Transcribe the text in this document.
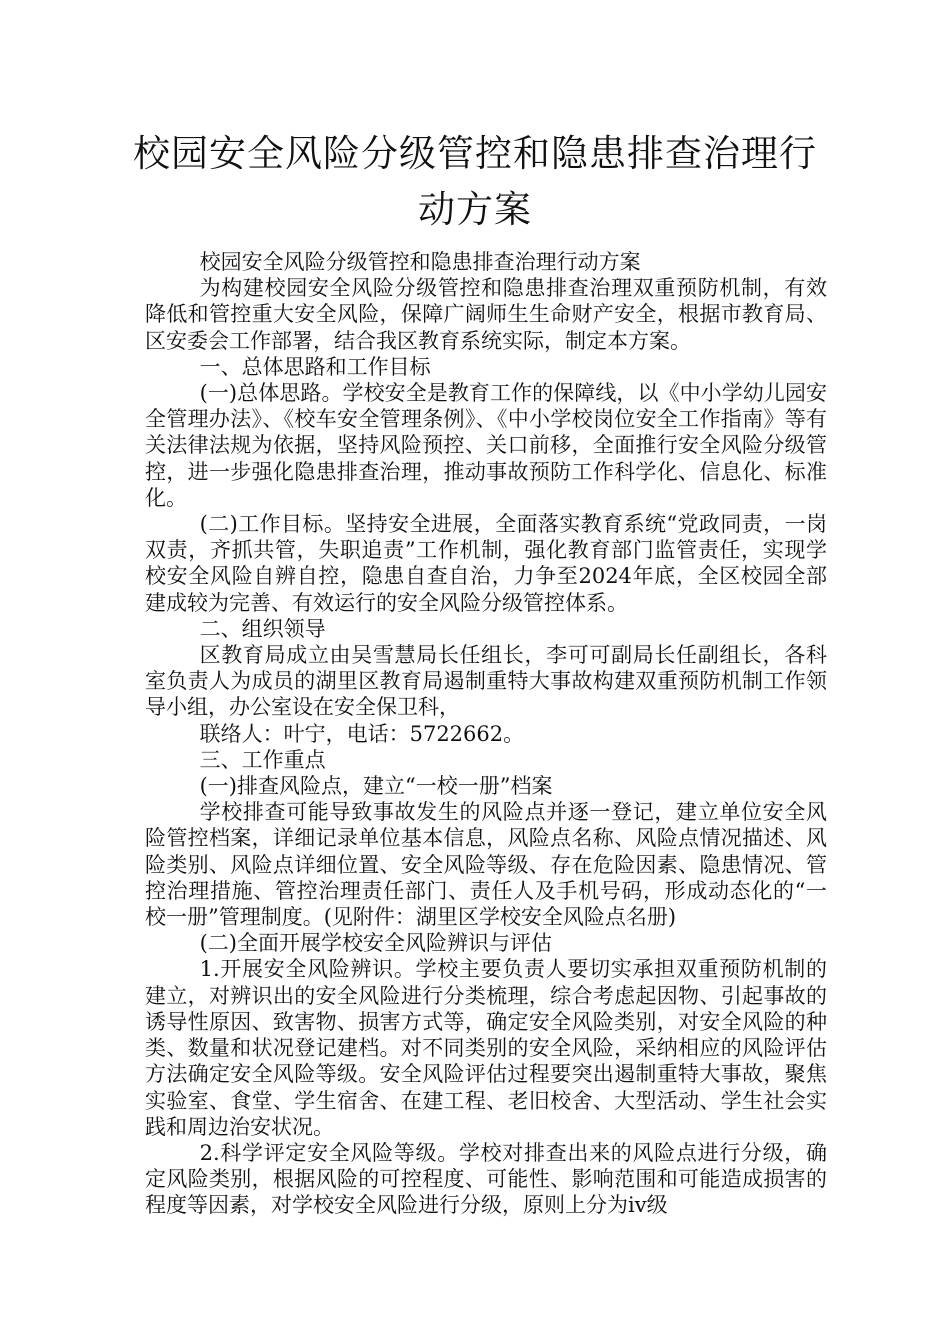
校园安全风险分级管控和隐患排查治理行
动方案

校园安全风险分级管控和隐患排查治理行动方案

为构建校园安全风险分级管控和隐患排查治理双重预防机制，有效降低和管控重大安全风险，保障广阔师生生命财产安全，根据市教育局、区安委会工作部署，结合我区教育系统实际，制定本方案。

一、总体思路和工作目标

(一)总体思路。学校安全是教育工作的保障线，以《中小学幼儿园安全管理办法》、《校车安全管理条例》、《中小学校岗位安全工作指南》等有关法律法规为依据，坚持风险预控、关口前移，全面推行安全风险分级管控，进一步强化隐患排查治理，推动事故预防工作科学化、信息化、标准化。

(二)工作目标。坚持安全进展，全面落实教育系统“党政同责，一岗双责，齐抓共管，失职追责”工作机制，强化教育部门监管责任，实现学校安全风险自辨自控，隐患自查自治，力争至2024年底，全区校园全部建成较为完善、有效运行的安全风险分级管控体系。

二、组织领导

区教育局成立由吴雪慧局长任组长，李可可副局长任副组长，各科室负责人为成员的湖里区教育局遏制重特大事故构建双重预防机制工作领导小组，办公室设在安全保卫科，

联络人：叶宁，电话：5722662。

三、工作重点

(一)排查风险点，建立“一校一册”档案

学校排查可能导致事故发生的风险点并逐一登记，建立单位安全风险管控档案，详细记录单位基本信息，风险点名称、风险点情况描述、风险类别、风险点详细位置、安全风险等级、存在危险因素、隐患情况、管控治理措施、管控治理责任部门、责任人及手机号码，形成动态化的“一校一册”管理制度。(见附件：湖里区学校安全风险点名册)

(二)全面开展学校安全风险辨识与评估

1.开展安全风险辨识。学校主要负责人要切实承担双重预防机制的建立，对辨识出的安全风险进行分类梳理，综合考虑起因物、引起事故的诱导性原因、致害物、损害方式等，确定安全风险类别，对安全风险的种类、数量和状况登记建档。对不同类别的安全风险，采纳相应的风险评估方法确定安全风险等级。安全风险评估过程要突出遏制重特大事故，聚焦实验室、食堂、学生宿舍、在建工程、老旧校舍、大型活动、学生社会实践和周边治安状况。

2.科学评定安全风险等级。学校对排查出来的风险点进行分级，确定风险类别，根据风险的可控程度、可能性、影响范围和可能造成损害的程度等因素，对学校安全风险进行分级，原则上分为ⅳ级
